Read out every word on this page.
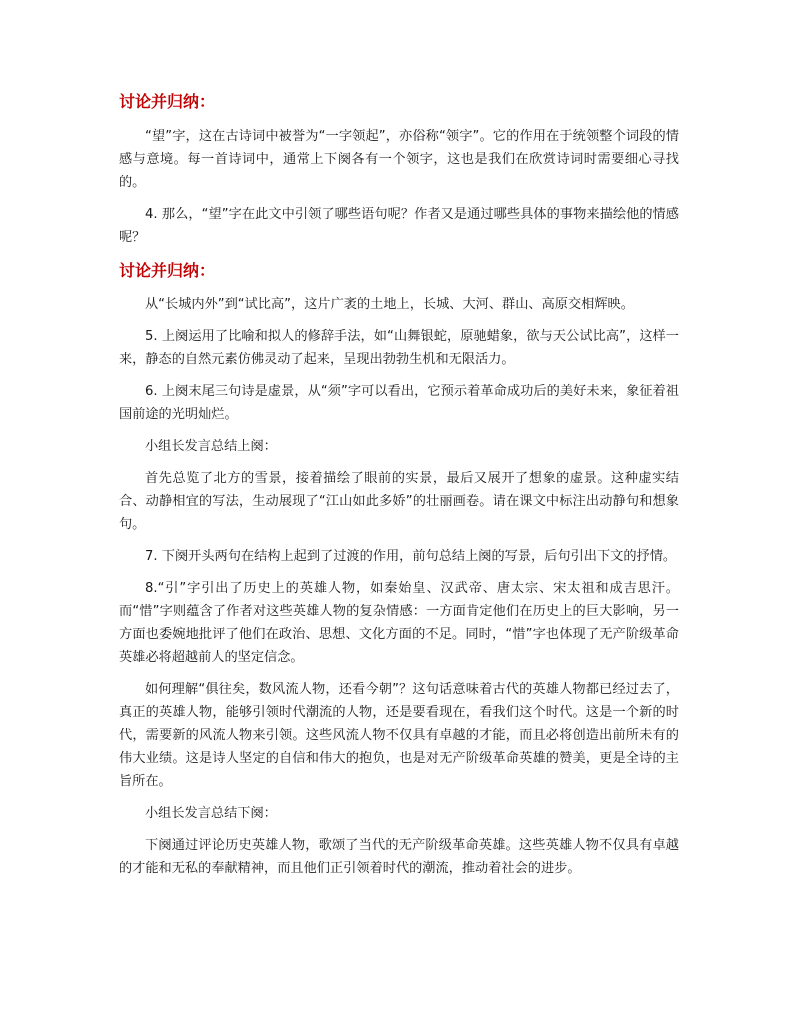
讨论并归纳：

“望”字，这在古诗词中被誉为“一字领起”，亦俗称“领字”。它的作用在于统领整个词段的情感与意境。每一首诗词中，通常上下阕各有一个领字，这也是我们在欣赏诗词时需要细心寻找的。

4. 那么，“望”字在此文中引领了哪些语句呢？作者又是通过哪些具体的事物来描绘他的情感呢？

讨论并归纳：

从“长城内外”到“试比高”，这片广袤的土地上，长城、大河、群山、高原交相辉映。

5. 上阕运用了比喻和拟人的修辞手法，如“山舞银蛇，原驰蜡象，欲与天公试比高”，这样一来，静态的自然元素仿佛灵动了起来，呈现出勃勃生机和无限活力。

6. 上阕末尾三句诗是虚景，从“须”字可以看出，它预示着革命成功后的美好未来，象征着祖国前途的光明灿烂。

小组长发言总结上阕：

首先总览了北方的雪景，接着描绘了眼前的实景，最后又展开了想象的虚景。这种虚实结合、动静相宜的写法，生动展现了“江山如此多娇”的壮丽画卷。请在课文中标注出动静句和想象句。

7. 下阕开头两句在结构上起到了过渡的作用，前句总结上阕的写景，后句引出下文的抒情。

8.“引”字引出了历史上的英雄人物，如秦始皇、汉武帝、唐太宗、宋太祖和成吉思汗。而“惜”字则蕴含了作者对这些英雄人物的复杂情感：一方面肯定他们在历史上的巨大影响，另一方面也委婉地批评了他们在政治、思想、文化方面的不足。同时，“惜”字也体现了无产阶级革命英雄必将超越前人的坚定信念。

如何理解“俱往矣，数风流人物，还看今朝”？这句话意味着古代的英雄人物都已经过去了，真正的英雄人物，能够引领时代潮流的人物，还是要看现在，看我们这个时代。这是一个新的时代，需要新的风流人物来引领。这些风流人物不仅具有卓越的才能，而且必将创造出前所未有的伟大业绩。这是诗人坚定的自信和伟大的抱负，也是对无产阶级革命英雄的赞美，更是全诗的主旨所在。

小组长发言总结下阕：

下阕通过评论历史英雄人物，歌颂了当代的无产阶级革命英雄。这些英雄人物不仅具有卓越的才能和无私的奉献精神，而且他们正引领着时代的潮流，推动着社会的进步。
